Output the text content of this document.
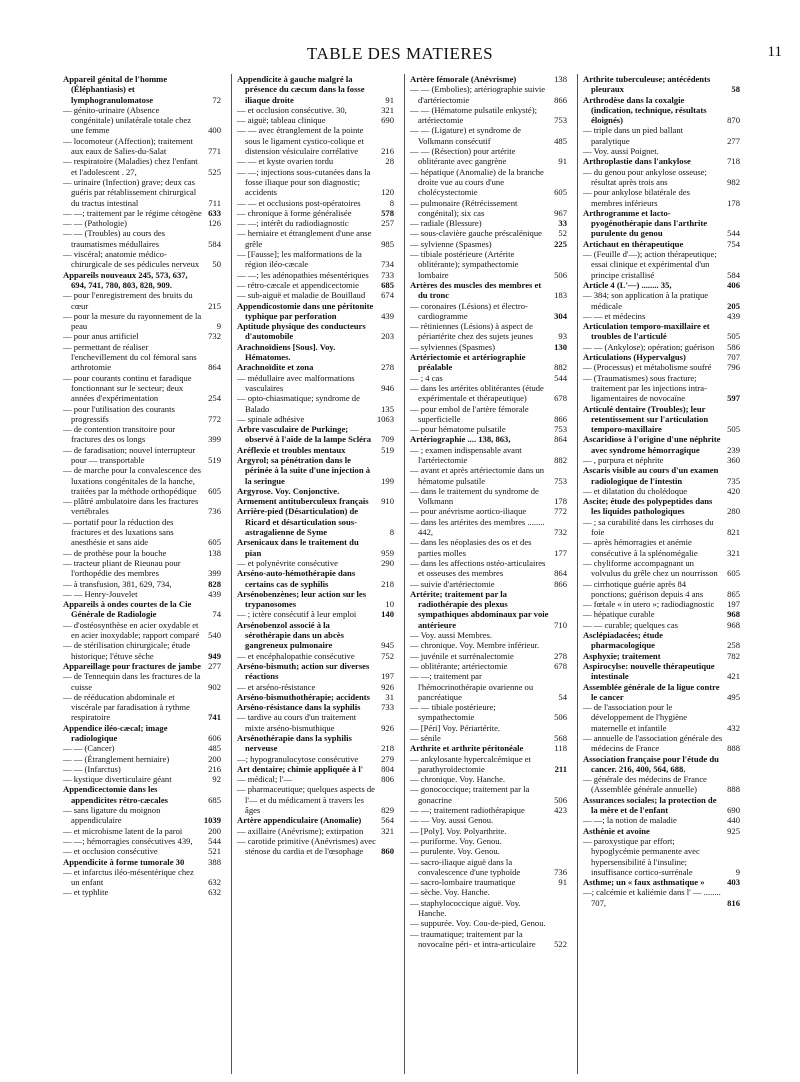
TABLE DES MATIERES	11
Appareil génital de l'homme (Éléphantiasis) et lymphogranulomatose	72
— génito-urinaire (Absence congénitale) unilatérale totale chez une femme	400
— locomoteur (Affection); traitement aux eaux de Salies-du-Salat	771
— respiratoire (Maladies) chez l'enfant et l'adolescent . 27,	525
— urinaire (Infection) grave; deux cas guéris par rétablissement chirurgical du tractus intestinal	711
— —; traitement par le régime cétogène 633
— — (Pathologie)	126
— — (Troubles) au cours des traumatismes médullaires	584
— viscéral; anatomie médico-chirurgicale de ses pédicules nerveux	50
Appareils nouveaux 245, 573, 637, 694, 741, 780, 803, 828, 909.
— pour l'enregistrement des bruits du cœur	215
— pour la mesure du rayonnement de la peau	9
— pour anus artificiel	732
— permettant de réaliser l'enchevillement du col fémoral sans arthrotomie	864
— pour courants continu et faradique fonctionnant sur le secteur; deux années d'expérimentation	254
— pour l'utilisation des courants progressifs	772
— de contention transitoire pour fractures des os longs	399
— de faradisation; nouvel interrupteur pour — transportable	519
— de marche pour la convalescence des luxations congénitales de la hanche, traitées par la méthode orthopédique	605
— plâtré ambulatoire dans les fractures vertébrales	736
— portatif pour la réduction des fractures et des luxations sans anesthésie et sans aide	605
— de prothèse pour la bouche	138
— tracteur pliant de Rieunau pour l'orthopédie des membres	399
— à transfusion, 381, 629, 734,	828
— — Henry-Jouvelet	439
Appareils à ondes courtes de la Cie Générale de Radiologie	74
— d'ostéosynthèse en acier oxydable et en acier inoxydable; rapport comparé	540
— de stérilisation chirurgicale; étude historique; l'étuve sèche	949
Appareillage pour fractures de jambe 277
— de Tennequin dans les fractures de la cuisse	902
— de rééducation abdominale et viscérale par faradisation à rythme respiratoire	741
Appendice iléo-cæcal; image radiologique	606
— — (Cancer)	485
— — (Étranglement herniaire)	200
— — (Infarctus)	216
— kystique diverticulaire géant	92
Appendicectomie dans les appendicites rétro-cæcales	685
— sans ligature du moignon appendiculaire	1039
— et microbisme latent de la paroi	200
— —; hémorragies consécutives 439,	544
— et occlusion consécutive	521
Appendicite à forme tumorale 30	388
— et infarctus iléo-mésentérique chez un enfant	632
— et typhlite	632
Appendicite à gauche malgré la présence du cæcum dans la fosse iliaque droite	91
— et occlusion consécutive. 30,	321
— aiguë; tableau clinique	690
— — avec étranglement de la pointe sous le ligament cystico-colique et distension vésiculaire corrélative	216
— — et kyste ovarien tordu	28
— —; injections sous-cutanées dans la fosse iliaque pour son diagnostic; accidents	120
— — et occlusions post-opératoires	8
— chronique à forme généralisée	578
— —; intérêt du radiodiagnostic	257
— herniaire et étranglement d'une anse grêle	985
— [Fausse]; les malformations de la région iléo-cæcale	734
— —; les adénopathies mésentériques	733
— rétro-cæcale et appendicectomie	685
— sub-aiguë et maladie de Bouillaud	674
Appendicostomie dans une péritonite typhique par perforation	439
Aptitude physique des conducteurs d'automobile	203
Arachnoïdiens [Sous]. Voy. Hématomes.
Arachnoïdite et zona	278
— médullaire avec malformations vasculaires	946
— opto-chiasmatique; syndrome de Balado	135
— spinale adhésive	1063
Arbre vasculaire de Purkinge; observé à l'aide de la lampe Scléra	709
Aréflexie et troubles mentaux	519
Argyrol; sa pénétration dans le périnée à la suite d'une injection à la seringue	199
Argyrose. Voy. Conjonctive.
Armement antituberculeux français	910
Arrière-pied (Désarticulation) de Ricard et désarticulation sous-astragalienne de Syme	8
Arsenicaux dans le traitement du pian	959
— et polynévrite consécutive	290
Arséno-auto-hémothérapie dans certains cas de syphilis	218
Arsénobenzènes; leur action sur les trypanosomes	10
— ; ictère consécutif à leur emploi	140
Arsénobenzol associé à la sérothérapie dans un abcès gangreneux pulmonaire	945
— et encéphalopathie consécutive	752
Arséno-bismuth; action sur diverses réactions	197
— et arséno-résistance	926
Arséno-bismuthothérapie; accidents	31
Arséno-résistance dans la syphilis	733
— tardive au cours d'un traitement mixte arséno-bismuthique	926
Arsénothérapie dans la syphilis nerveuse	218
—; hypogranulocytose consécutive	279
Art dentaire; chimie appliquée à l'	804
— médical; l'—	806
— pharmaceutique; quelques aspects de l'— et du médicament à travers les âges	829
Artère appendiculaire (Anomalie)	564
— axillaire (Anévrisme); extirpation	321
— carotide primitive (Anévrismes) avec sténose du cardia et de l'œsophage	860
Artère fémorale (Anévrisme)	138
— — (Embolies); artériographie suivie d'artériectomie	866
— — (Hématome pulsatile enkysté); artériectomie	753
— — (Ligature) et syndrome de Volkmann consécutif	485
— — (Résection) pour artérite oblitérante avec gangrène	91
— hépatique (Anomalie) de la branche droite vue au cours d'une cholécystectomie	605
— pulmonaire (Rétrécissement congénital); six cas	967
— radiale (Blessure)	33
— sous-clavière gauche préscalénique	52
— sylvienne (Spasmes)	225
— tibiale postérieure (Artérite oblitérante); sympathectomie lombaire	506
Artères des muscles des membres et du tronc	183
— coronaires (Lésions) et électro-cardiogramme	304
— rétiniennes (Lésions) à aspect de périartérite chez des sujets jeunes	93
— sylviennes (Spasmes)	130
Artériectomie et artériographie préalable	882
— ; 4 cas	544
— dans les artérites oblitérantes (étude expérimentale et thérapeutique)	678
— pour embol de l'artère fémorale superficielle	866
— pour hématome pulsatile	753
Artériographie .... 138, 863,	864
— ; examen indispensable avant l'artériectomie	882
— avant et après artériectomie dans un hématome pulsatile	753
— dans le traitement du syndrome de Volkmann	178
— pour anévrisme aortico-iliaque	772
— dans les artérites des membres ........ 442,	732
— dans les néoplasies des os et des parties molles	177
— dans les affections ostéo-articulaires et osseuses des membres	864
— suivie d'artériectomie	866
Artérite; traitement par la radiothérapie des plexus sympathiques abdominaux par voie antérieure	710
— Voy. aussi Membres.
— chronique. Voy. Membre inférieur.
— juvénile et surrénalectomie	278
— oblitérante; artériectomie	678
— —; traitement par l'hémocrinothérapie ovarienne ou pancréatique	54
— — tibiale postérieure; sympathectomie	506
— [Péri] Voy. Périartérite.
— sénile	568
Arthrite et arthrite péritonéale	118
— ankylosante hypercalcémique et parathyroïdectomie	211
— chronique. Voy. Hanche.
— gonococcique; traitement par la gonacrine	506
— —; traitement radiothérapique	423
— — Voy. aussi Genou.
— [Poly]. Voy. Polyarthrite.
— puriforme. Voy. Genou.
— purulente. Voy. Genou.
— sacro-iliaque aiguë dans la convalescence d'une typhoïde	736
— sacro-lombaire traumatique	91
— sèche. Voy. Hanche.
— staphylococcique aiguë. Voy. Hanche.
— suppurée. Voy. Cou-de-pied, Genou.
— traumatique; traitement par la novocaïne péri- et intra-articulaire	522
Arthrite tuberculeuse; antécédents pleuraux	58
Arthrodèse dans la coxalgie (indication, technique, résultats éloignés)	870
— triple dans un pied ballant paralytique	277
— Voy. aussi Poignet.
Arthroplastie dans l'ankylose	718
— du genou pour ankylose osseuse; résultat après trois ans	982
— pour ankylose bilatérale des membres inférieurs	178
Arthrogramme et lacto-pyogénothérapie dans l'arthrite purulente du genou	544
Artichaut en thérapeutique	754
— (Feuille d'—); action thérapeutique; essai clinique et expérimental d'un principe cristallisé	584
Article 4 (L'—) ........ 35,	406
— 384; son application à la pratique médicale	205
— — et médecins	439
Articulation temporo-maxillaire et troubles de l'articulé	505
— — (Ankylose); opération; guérison	586
Articulations (Hypervalgus)	707
— (Processus) et métabolisme soufré	796
— (Traumatismes) sous fracture; traitement par les injections intra-ligamentaires de novocaïne	597
Articulé dentaire (Troubles); leur retentissement sur l'articulation temporo-maxillaire	505
Ascaridiose à l'origine d'une néphrite avec syndrome hémorragique	239
— , purpura et néphrite	360
Ascaris visible au cours d'un examen radiologique de l'intestin	735
— et dilatation du cholédoque	420
Ascite; étude des polypeptides dans les liquides pathologiques	280
— ; sa curabilité dans les cirrhoses du foie	821
— après hémorragies et anémie consécutive à la splénomégalie	321
— chyliforme accompagnant un volvulus du grêle chez un nourrisson	605
— cirrhotique guérie après 84 ponctions; guérison depuis 4 ans	865
— fœtale « in utero »; radiodiagnostic	197
— hépatique curable	968
— — curable; quelques cas	968
Asclépiadacées; étude pharmacologique	258
Asphyxie; traitement	782
Aspirocylse: nouvelle thérapeutique intestinale	421
Assemblée générale de la ligue contre le cancer	495
— de l'association pour le développement de l'hygiène maternelle et infantile	432
— annuelle de l'association générale des médecins de France	888
Association française pour l'étude du cancer. 216, 400, 564, 688.
— générale des médecins de France (Assemblée générale annuelle)	888
Assurances sociales; la protection de la mère et de l'enfant	690
— —; la notion de maladie	440
Asthénie et avoine	925
— paroxystique par effort; hypoglycémie permanente avec hypersensibilité à l'insuline; insuffisance cortico-surrénale	9
Asthme; un « faux asthmatique »	403
—; calcémie et kaliémie dans l' — ........ 707,	816
